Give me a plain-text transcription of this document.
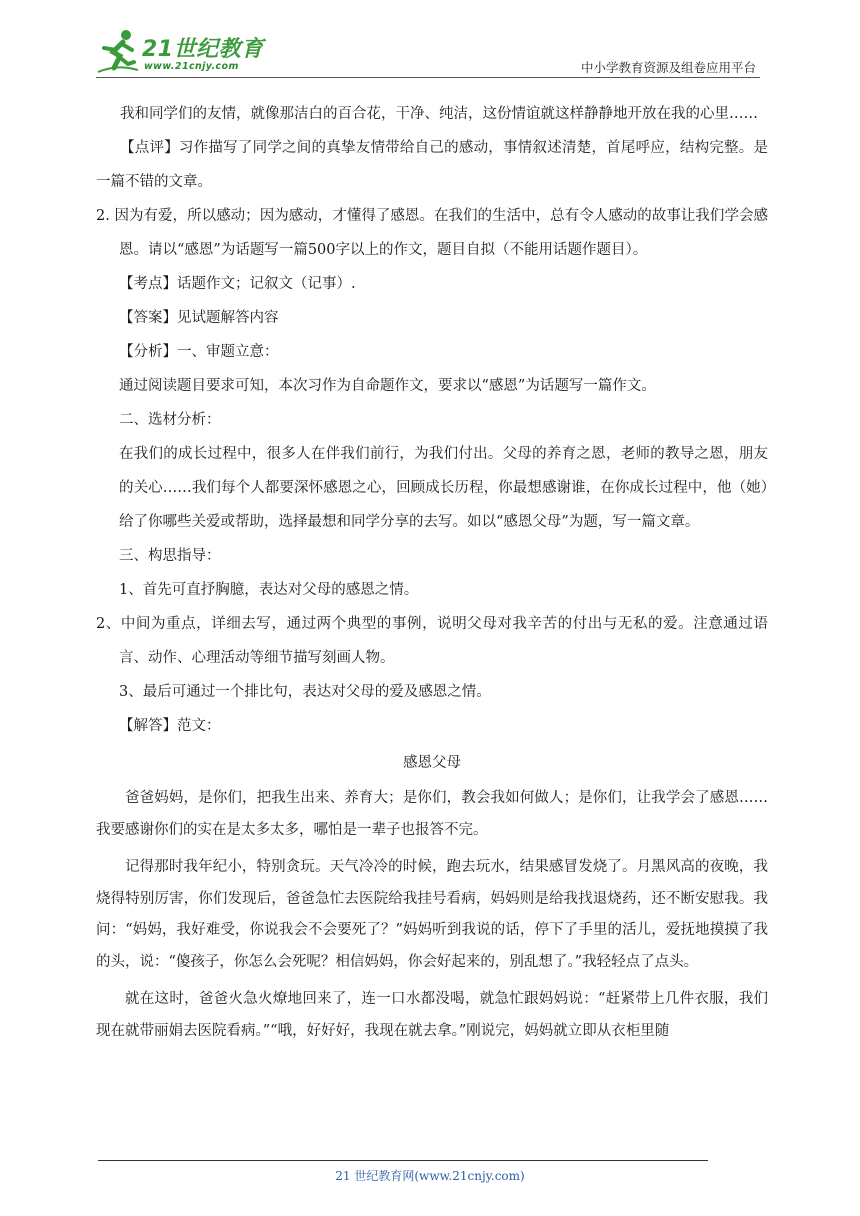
21世纪教育
www.21cnjy.com	中小学教育资源及组卷应用平台

我和同学们的友情，就像那洁白的百合花，干净、纯洁，这份情谊就这样静静地开放在我的心里……

【点评】习作描写了同学之间的真挚友情带给自己的感动，事情叙述清楚，首尾呼应，结构完整。是一篇不错的文章。

2. 因为有爱，所以感动；因为感动，才懂得了感恩。在我们的生活中，总有令人感动的故事让我们学会感恩。请以“感恩”为话题写一篇500字以上的作文，题目自拟（不能用话题作题目）。

【考点】话题作文；记叙文（记事）.

【答案】见试题解答内容

【分析】一、审题立意：

通过阅读题目要求可知，本次习作为自命题作文，要求以“感恩”为话题写一篇作文。

二、选材分析：

在我们的成长过程中，很多人在伴我们前行，为我们付出。父母的养育之恩，老师的教导之恩，朋友的关心……我们每个人都要深怀感恩之心，回顾成长历程，你最想感谢谁，在你成长过程中，他（她）给了你哪些关爱或帮助，选择最想和同学分享的去写。如以“感恩父母”为题，写一篇文章。

三、构思指导：

1、首先可直抒胸臆，表达对父母的感恩之情。

2、中间为重点，详细去写，通过两个典型的事例，说明父母对我辛苦的付出与无私的爱。注意通过语言、动作、心理活动等细节描写刻画人物。

3、最后可通过一个排比句，表达对父母的爱及感恩之情。

【解答】范文：

感恩父母

爸爸妈妈，是你们，把我生出来、养育大；是你们，教会我如何做人；是你们，让我学会了感恩……我要感谢你们的实在是太多太多，哪怕是一辈子也报答不完。

记得那时我年纪小，特别贪玩。天气冷冷的时候，跑去玩水，结果感冒发烧了。月黑风高的夜晚，我烧得特别厉害，你们发现后，爸爸急忙去医院给我挂号看病，妈妈则是给我找退烧药，还不断安慰我。我问：“妈妈，我好难受，你说我会不会要死了？”妈妈听到我说的话，停下了手里的活儿，爱抚地摸摸了我的头，说：“傻孩子，你怎么会死呢？相信妈妈，你会好起来的，别乱想了。”我轻轻点了点头。

就在这时，爸爸火急火燎地回来了，连一口水都没喝，就急忙跟妈妈说：“赶紧带上几件衣服，我们现在就带丽娟去医院看病。”“哦，好好好，我现在就去拿。”刚说完，妈妈就立即从衣柜里随

21 世纪教育网(www.21cnjy.com)
